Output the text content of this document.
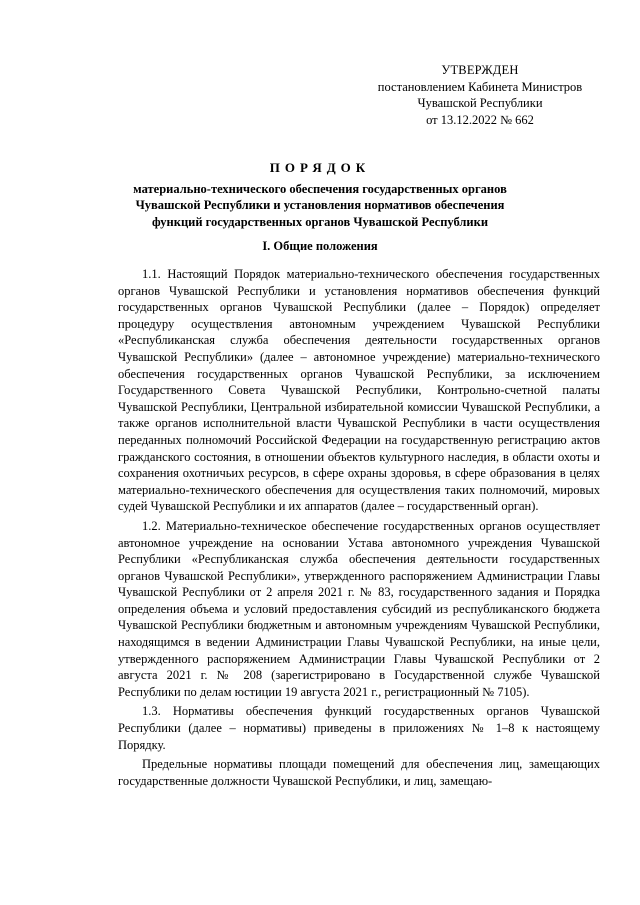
УТВЕРЖДЕН
постановлением Кабинета Министров
Чувашской Республики
от 13.12.2022 № 662
ПОРЯДОК
материально-технического обеспечения государственных органов
Чувашской Республики и установления нормативов обеспечения
функций государственных органов Чувашской Республики
I. Общие положения

1.1. Настоящий Порядок материально-технического обеспечения государственных органов Чувашской Республики и установления нормативов обеспечения функций государственных органов Чувашской Республики (далее – Порядок) определяет процедуру осуществления автономным учреждением Чувашской Республики «Республиканская служба обеспечения деятельности государственных органов Чувашской Республики» (далее – автономное учреждение) материально-технического обеспечения государственных органов Чувашской Республики, за исключением Государственного Совета Чувашской Республики, Контрольно-счетной палаты Чувашской Республики, Центральной избирательной комиссии Чувашской Республики, а также органов исполнительной власти Чувашской Республики в части осуществления переданных полномочий Российской Федерации на государственную регистрацию актов гражданского состояния, в отношении объектов культурного наследия, в области охоты и сохранения охотничьих ресурсов, в сфере охраны здоровья, в сфере образования в целях материально-технического обеспечения для осуществления таких полномочий, мировых судей Чувашской Республики и их аппаратов (далее – государственный орган).

1.2. Материально-техническое обеспечение государственных органов осуществляет автономное учреждение на основании Устава автономного учреждения Чувашской Республики «Республиканская служба обеспечения деятельности государственных органов Чувашской Республики», утвержденного распоряжением Администрации Главы Чувашской Республики от 2 апреля 2021 г. № 83, государственного задания и Порядка определения объема и условий предоставления субсидий из республиканского бюджета Чувашской Республики бюджетным и автономным учреждениям Чувашской Республики, находящимся в ведении Администрации Главы Чувашской Республики, на иные цели, утвержденного распоряжением Администрации Главы Чувашской Республики от 2 августа 2021 г. № 208 (зарегистрировано в Государственной службе Чувашской Республики по делам юстиции 19 августа 2021 г., регистрационный № 7105).

1.3. Нормативы обеспечения функций государственных органов Чувашской Республики (далее – нормативы) приведены в приложениях № 1–8 к настоящему Порядку.

Предельные нормативы площади помещений для обеспечения лиц, замещающих государственные должности Чувашской Республики, и лиц, замещаю-
